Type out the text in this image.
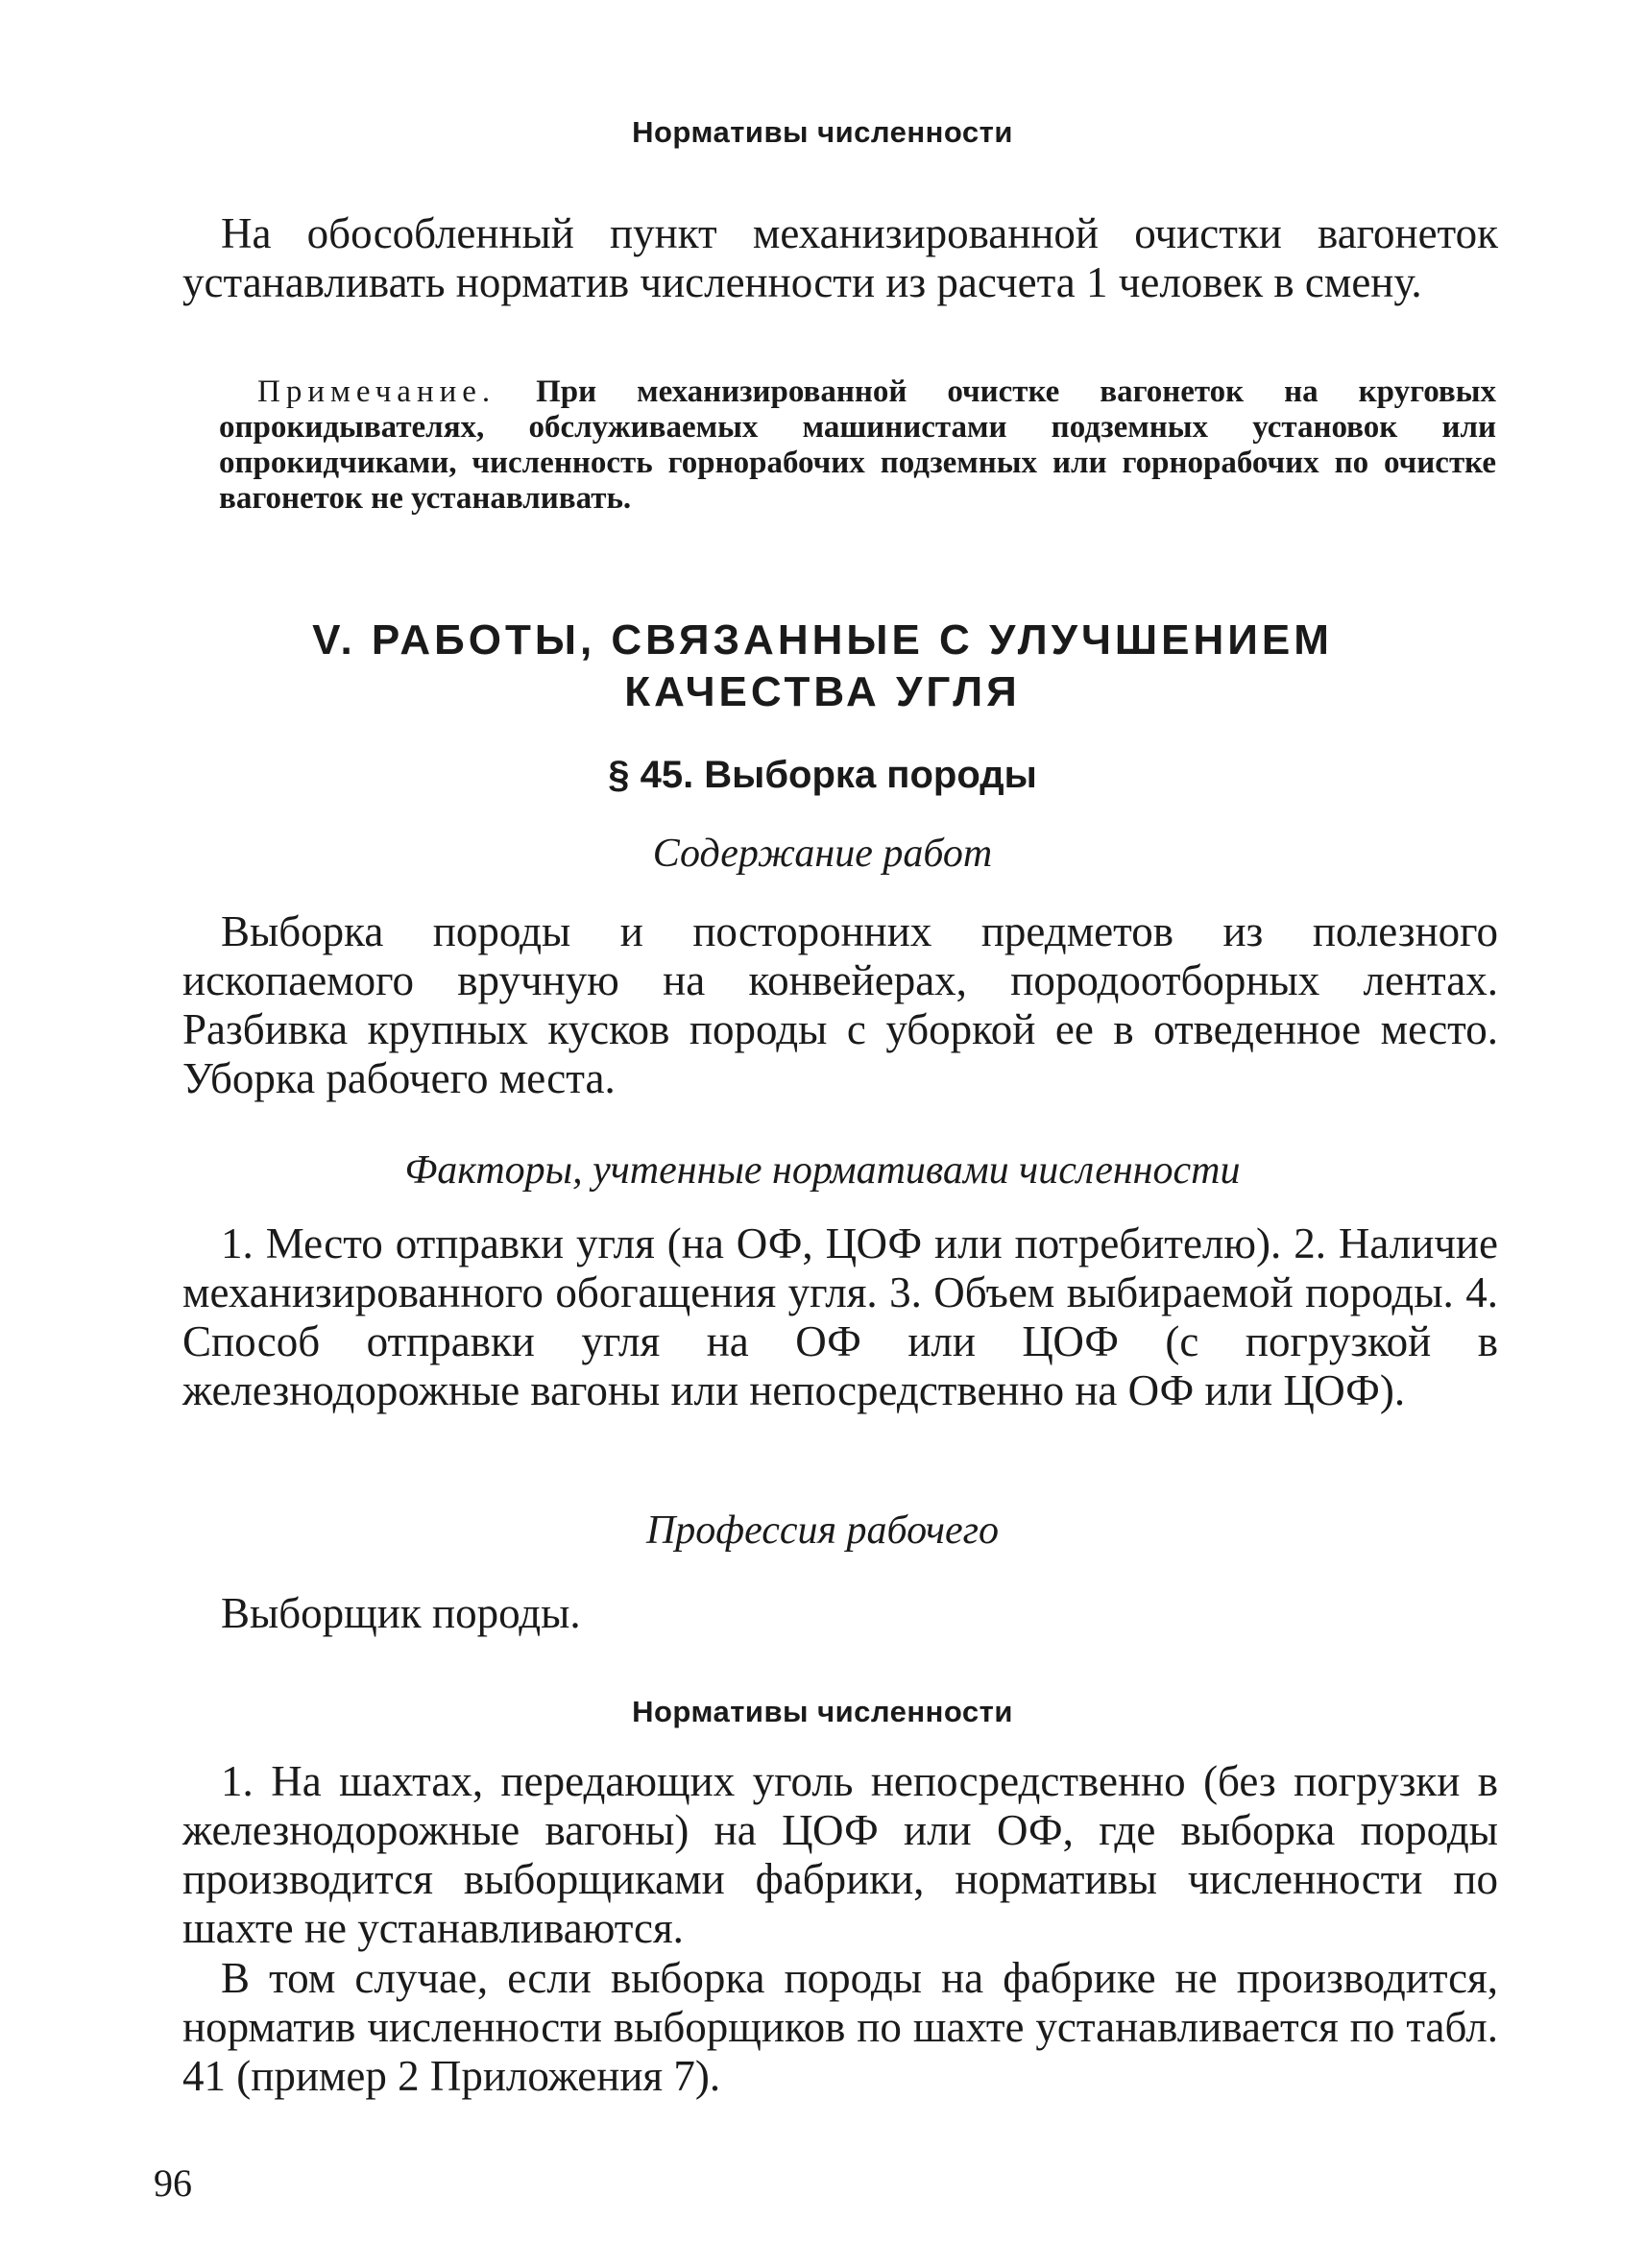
Нормативы численности
На обособленный пункт механизированной очистки вагонеток устанавливать норматив численности из расчета 1 человек в смену.
Примечание. При механизированной очистке вагонеток на круговых опрокидывателях, обслуживаемых машинистами подземных установок или опрокидчиками, численность горнорабочих подземных или горнорабочих по очистке вагонеток не устанавливать.
V. РАБОТЫ, СВЯЗАННЫЕ С УЛУЧШЕНИЕМ
КАЧЕСТВА УГЛЯ
§ 45. Выборка породы
Содержание работ
Выборка породы и посторонних предметов из полезного ископаемого вручную на конвейерах, породоотборных лентах. Разбивка крупных кусков породы с уборкой ее в отведенное место. Уборка рабочего места.
Факторы, учтенные нормативами численности
1. Место отправки угля (на ОФ, ЦОФ или потребителю). 2. Наличие механизированного обогащения угля. 3. Объем выбираемой породы. 4. Способ отправки угля на ОФ или ЦОФ (с погрузкой в железнодорожные вагоны или непосредственно на ОФ или ЦОФ).
Профессия рабочего
Выборщик породы.
Нормативы численности
1. На шахтах, передающих уголь непосредственно (без погрузки в железнодорожные вагоны) на ЦОФ или ОФ, где выборка породы производится выборщиками фабрики, нормативы численности по шахте не устанавливаются.
В том случае, если выборка породы на фабрике не производится, норматив численности выборщиков по шахте устанавливается по табл. 41 (пример 2 Приложения 7).
96
